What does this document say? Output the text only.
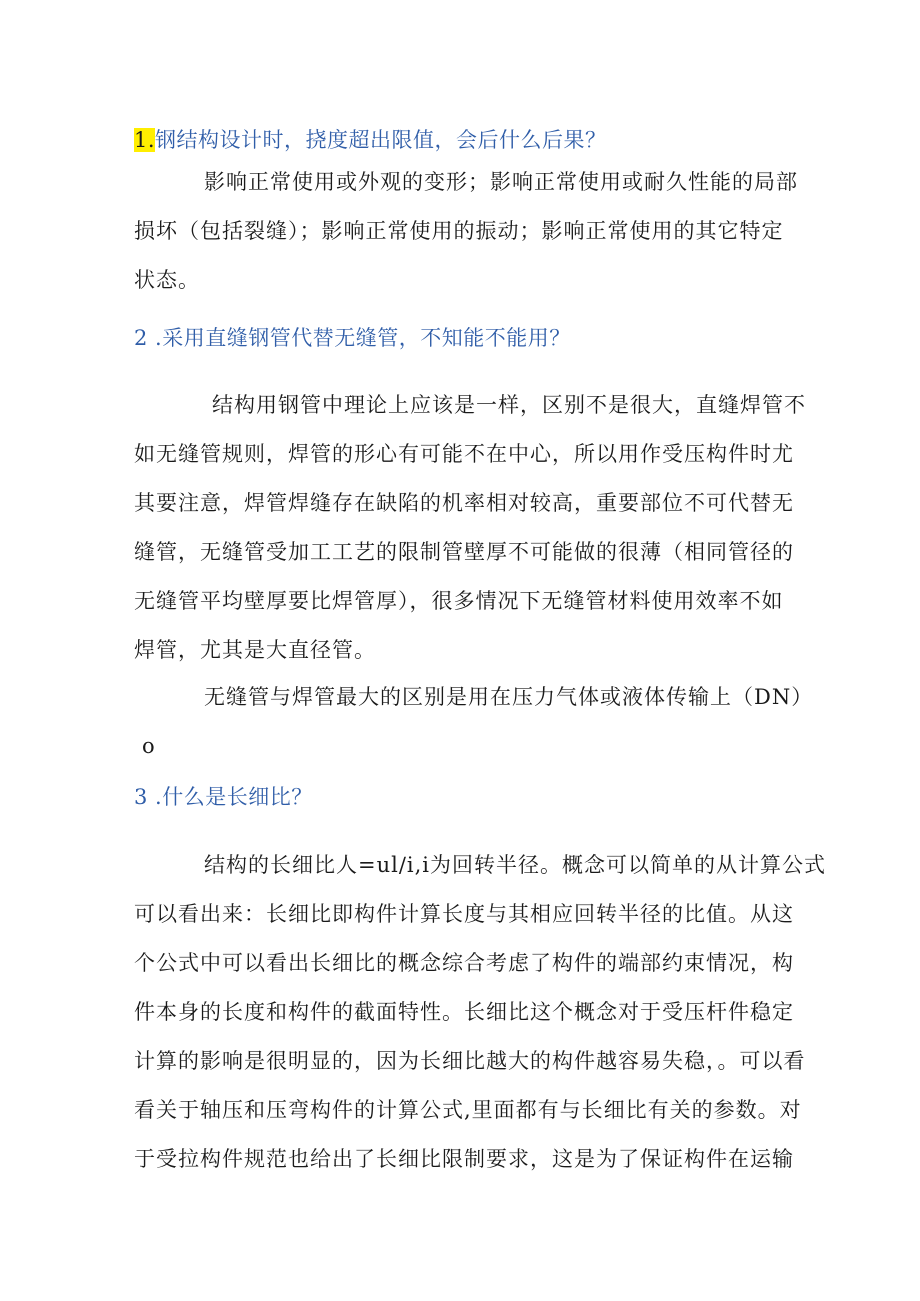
1.钢结构设计时，挠度超出限值，会后什么后果？
影响正常使用或外观的变形；影响正常使用或耐久性能的局部
损坏（包括裂缝）；影响正常使用的振动；影响正常使用的其它特定
状态。
2 .采用直缝钢管代替无缝管，不知能不能用？
结构用钢管中理论上应该是一样，区别不是很大，直缝焊管不
如无缝管规则，焊管的形心有可能不在中心，所以用作受压构件时尤
其要注意，焊管焊缝存在缺陷的机率相对较高，重要部位不可代替无
缝管，无缝管受加工工艺的限制管壁厚不可能做的很薄（相同管径的
无缝管平均壁厚要比焊管厚），很多情况下无缝管材料使用效率不如
焊管，尤其是大直径管。
无缝管与焊管最大的区别是用在压力气体或液体传输上（DN）
o
3 .什么是长细比？
结构的长细比人=ul∕i,i为回转半径。概念可以简单的从计算公式
可以看出来：长细比即构件计算长度与其相应回转半径的比值。从这
个公式中可以看出长细比的概念综合考虑了构件的端部约束情况，构
件本身的长度和构件的截面特性。长细比这个概念对于受压杆件稳定
计算的影响是很明显的，因为长细比越大的构件越容易失稳，。可以看
看关于轴压和压弯构件的计算公式,里面都有与长细比有关的参数。对
于受拉构件规范也给出了长细比限制要求，这是为了保证构件在运输
